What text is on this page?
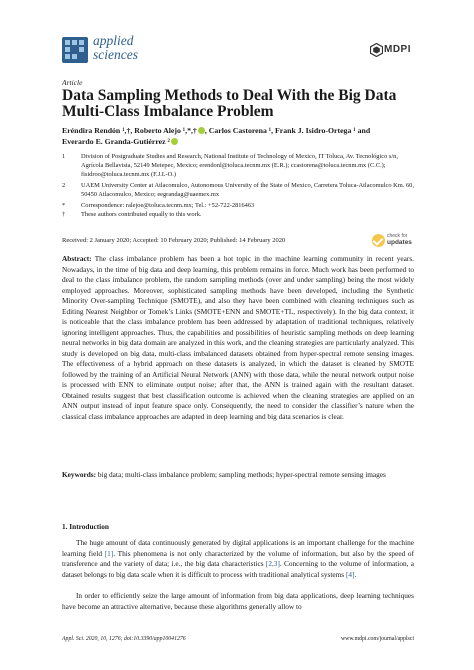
applied
sciences	MDPI
Article
Data Sampling Methods to Deal With the Big Data Multi-Class Imbalance Problem
Eréndira Rendón ¹,†, Roberto Alejo ¹,*,† , Carlos Castorena ¹, Frank J. Isidro-Ortega ¹ and
Everardo E. Granda-Gutiérrez ²
1	Division of Postgraduate Studies and Research, National Institute of Technology of Mexico, IT Toluca, Av. Tecnológico s/n, Agrícola Bellavista, 52149 Metepec, Mexico; erendonl@toluca.tecnm.mx (E.R.); ccastorena@toluca.tecnm.mx (C.C.); fisidroo@toluca.tecnm.mx (F.J.I.-O.)
2	UAEM University Center at Atlacomulco, Autonomous University of the State of Mexico, Carretera Toluca-Atlacomulco Km. 60, 50450 Atlacomulco, Mexico; eegrandag@uaemex.mx
*	Correspondence: ralejoe@toluca.tecnm.mx; Tel.: +52-722-2816463
†	These authors contributed equally to this work.
check for
updates
Received: 2 January 2020; Accepted: 10 February 2020; Published: 14 February 2020
Abstract: The class imbalance problem has been a hot topic in the machine learning community in recent years. Nowadays, in the time of big data and deep learning, this problem remains in force. Much work has been performed to deal to the class imbalance problem, the random sampling methods (over and under sampling) being the most widely employed approaches. Moreover, sophisticated sampling methods have been developed, including the Synthetic Minority Over-sampling Technique (SMOTE), and also they have been combined with cleaning techniques such as Editing Nearest Neighbor or Tomek’s Links (SMOTE+ENN and SMOTE+TL, respectively). In the big data context, it is noticeable that the class imbalance problem has been addressed by adaptation of traditional techniques, relatively ignoring intelligent approaches. Thus, the capabilities and possibilities of heuristic sampling methods on deep learning neural networks in big data domain are analyzed in this work, and the cleaning strategies are particularly analyzed. This study is developed on big data, multi-class imbalanced datasets obtained from hyper-spectral remote sensing images. The effectiveness of a hybrid approach on these datasets is analyzed, in which the dataset is cleaned by SMOTE followed by the training of an Artificial Neural Network (ANN) with those data, while the neural network output noise is processed with ENN to eliminate output noise; after that, the ANN is trained again with the resultant dataset. Obtained results suggest that best classification outcome is achieved when the cleaning strategies are applied on an ANN output instead of input feature space only. Consequently, the need to consider the classifier’s nature when the classical class imbalance approaches are adapted in deep learning and big data scenarios is clear.
Keywords: big data; multi-class imbalance problem; sampling methods; hyper-spectral remote sensing images
1. Introduction
The huge amount of data continuously generated by digital applications is an important challenge for the machine learning field [1]. This phenomena is not only characterized by the volume of information, but also by the speed of transference and the variety of data; i.e., the big data characteristics [2,3]. Concerning to the volume of information, a dataset belongs to big data scale when it is difficult to process with traditional analytical systems [4].
In order to efficiently seize the large amount of information from big data applications, deep learning techniques have become an attractive alternative, because these algorithms generally allow to
Appl. Sci. 2020, 10, 1276; doi:10.3390/app10041276	www.mdpi.com/journal/applsci
